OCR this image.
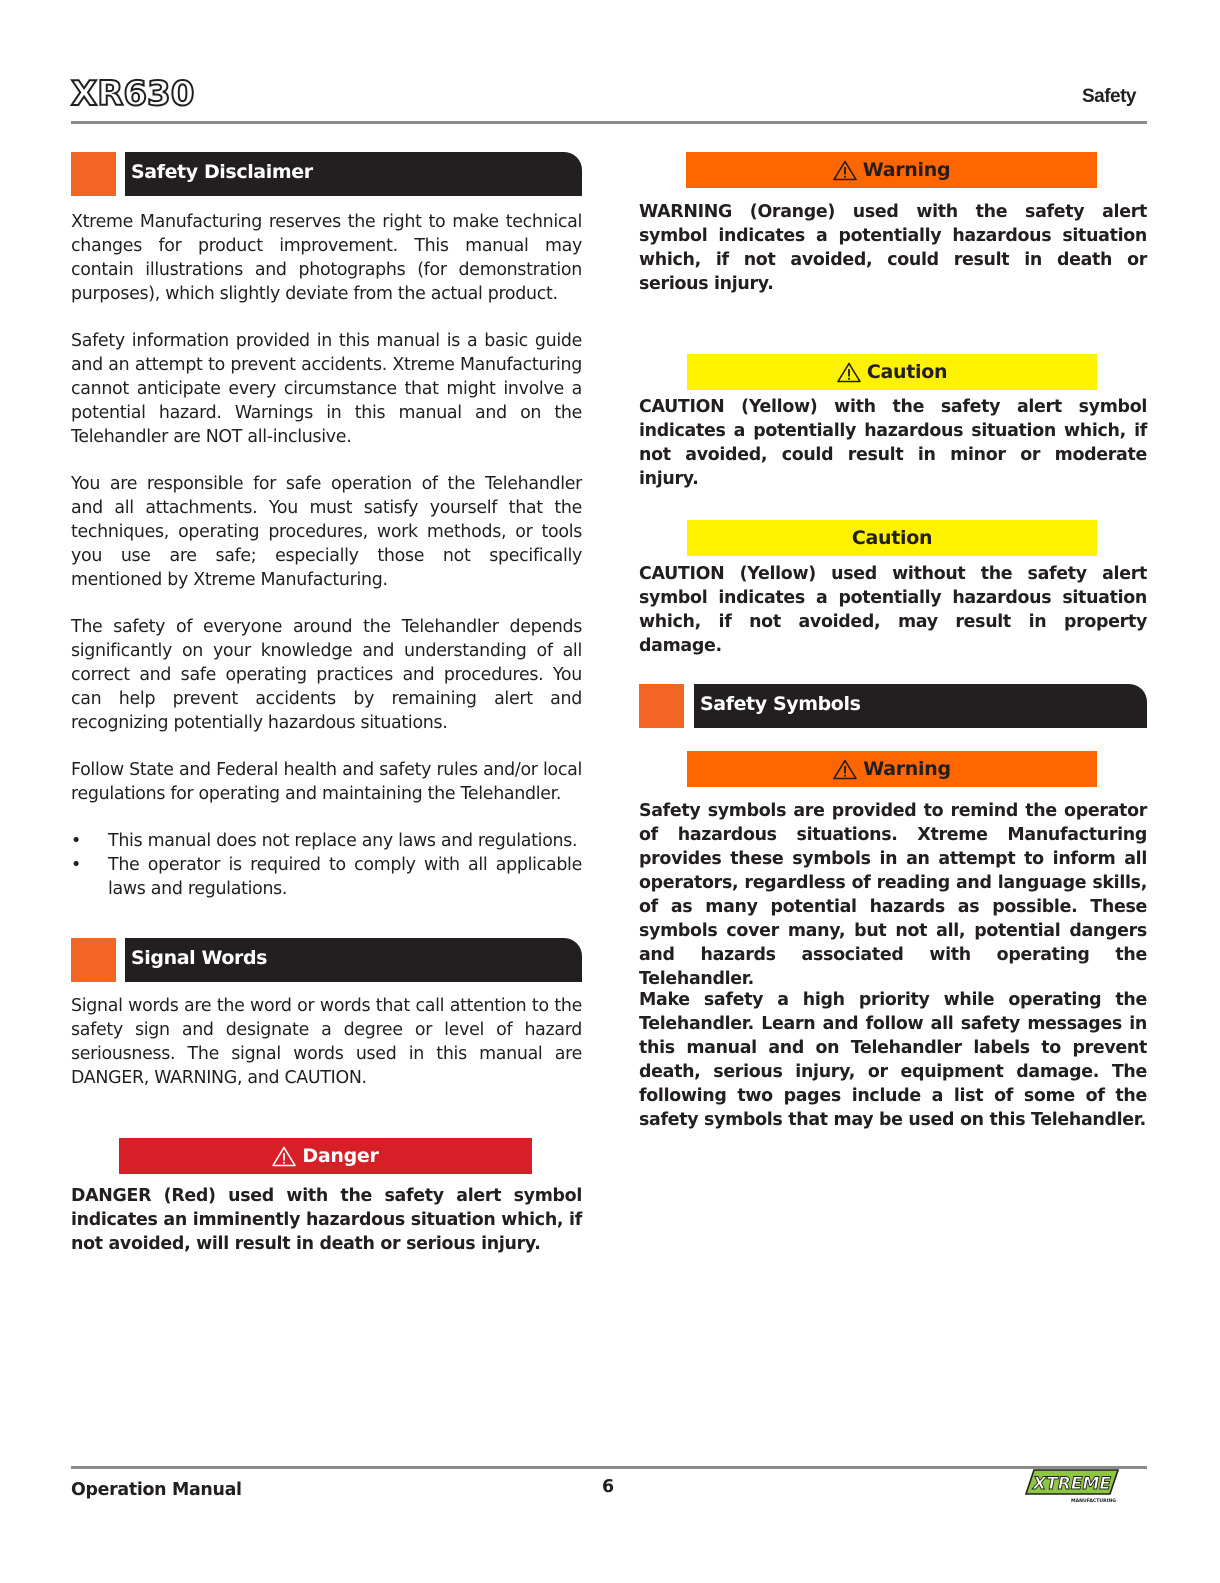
XR630	Safety
Safety Disclaimer
Xtreme Manufacturing reserves the right to make technical changes for product improvement. This manual may contain illustrations and photographs (for demonstration purposes), which slightly deviate from the actual product.
Safety information provided in this manual is a basic guide and an attempt to prevent accidents. Xtreme Manufacturing cannot anticipate every circumstance that might involve a potential hazard. Warnings in this manual and on the Telehandler are NOT all-inclusive.
You are responsible for safe operation of the Telehandler and all attachments. You must satisfy yourself that the techniques, operating procedures, work methods, or tools you use are safe; especially those not specifically mentioned by Xtreme Manufacturing.
The safety of everyone around the Telehandler depends significantly on your knowledge and understanding of all correct and safe operating practices and procedures. You can help prevent accidents by remaining alert and recognizing potentially hazardous situations.
Follow State and Federal health and safety rules and/or local regulations for operating and maintaining the Telehandler.
• This manual does not replace any laws and regulations.
• The operator is required to comply with all applicable laws and regulations.
Signal Words
Signal words are the word or words that call attention to the safety sign and designate a degree or level of hazard seriousness. The signal words used in this manual are DANGER, WARNING, and CAUTION.
Danger
DANGER (Red) used with the safety alert symbol indicates an imminently hazardous situation which, if not avoided, will result in death or serious injury.
Warning
WARNING (Orange) used with the safety alert symbol indicates a potentially hazardous situation which, if not avoided, could result in death or serious injury.
Caution
CAUTION (Yellow) with the safety alert symbol indicates a potentially hazardous situation which, if not avoided, could result in minor or moderate injury.
Caution
CAUTION (Yellow) used without the safety alert symbol indicates a potentially hazardous situation which, if not avoided, may result in property damage.
Safety Symbols
Warning
Safety symbols are provided to remind the operator of hazardous situations. Xtreme Manufacturing provides these symbols in an attempt to inform all operators, regardless of reading and language skills, of as many potential hazards as possible. These symbols cover many, but not all, potential dangers and hazards associated with operating the Telehandler.
Make safety a high priority while operating the Telehandler. Learn and follow all safety messages in this manual and on Telehandler labels to prevent death, serious injury, or equipment damage. The following two pages include a list of some of the safety symbols that may be used on this Telehandler.
Operation Manual	6	XTREME
MANUFACTURING
